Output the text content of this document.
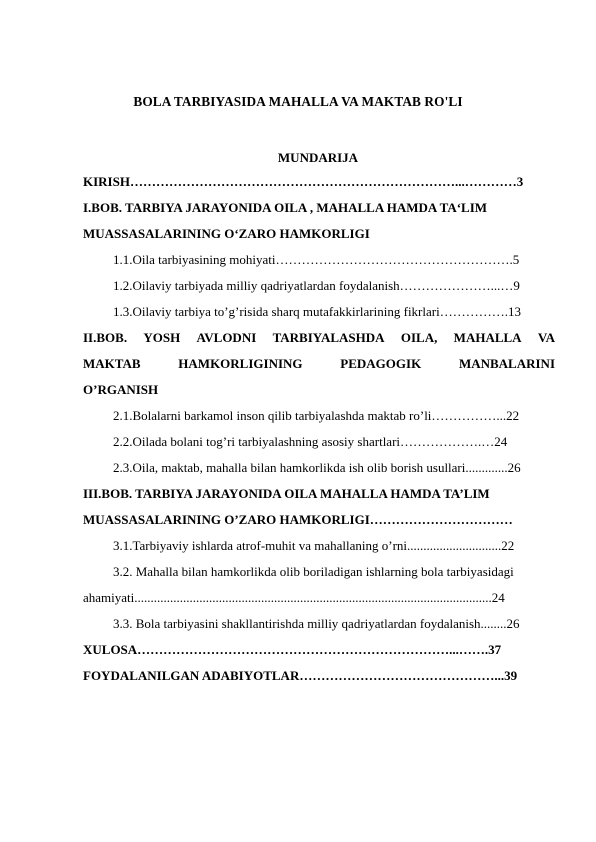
BOLA TARBIYASIDA MAHALLA VA MAKTAB RO'LI
MUNDARIJA
KIRISH…………………………………………………………………...…………3
I.BOB. TARBIYA JARAYONIDA OILA , MAHALLA HAMDA TA‘LIM
MUASSASALARINING O‘ZARO HAMKORLIGI
1.1.Oila tarbiyasining mohiyati……………………………………………….5
1.2.Oilaviy tarbiyada milliy qadriyatlardan foydalanish…………………...…9
1.3.Oilaviy tarbiya to’g’risida sharq mutafakkirlarining fikrlari…………….13
II.BOB. YOSH AVLODNI TARBIYALASHDA OILA, MAHALLA VA
MAKTAB	HAMKORLIGINING	PEDAGOGIK	MANBALARINI
O’RGANISH
2.1.Bolalarni barkamol inson qilib tarbiyalashda maktab ro’li……………...22
2.2.Oilada bolani tog’ri tarbiyalashning asosiy shartlari……………….…24
2.3.Oila, maktab, mahalla bilan hamkorlikda ish olib borish usullari.............26
III.BOB. TARBIYA JARAYONIDA OILA MAHALLA HAMDA TA’LIM
MUASSASALARINING O’ZARO HAMKORLIGI……………………………
3.1.Tarbiyaviy ishlarda atrof-muhit va mahallaning o’rni.............................22
3.2. Mahalla bilan hamkorlikda olib boriladigan ishlarning bola tarbiyasidagi
ahamiyati..............................................................................................................24
3.3. Bola tarbiyasini shakllantirishda milliy qadriyatlardan foydalanish........26
XULOSA………………………………………………………………...…….37
FOYDALANILGAN ADABIYOTLAR………………………………………...39
